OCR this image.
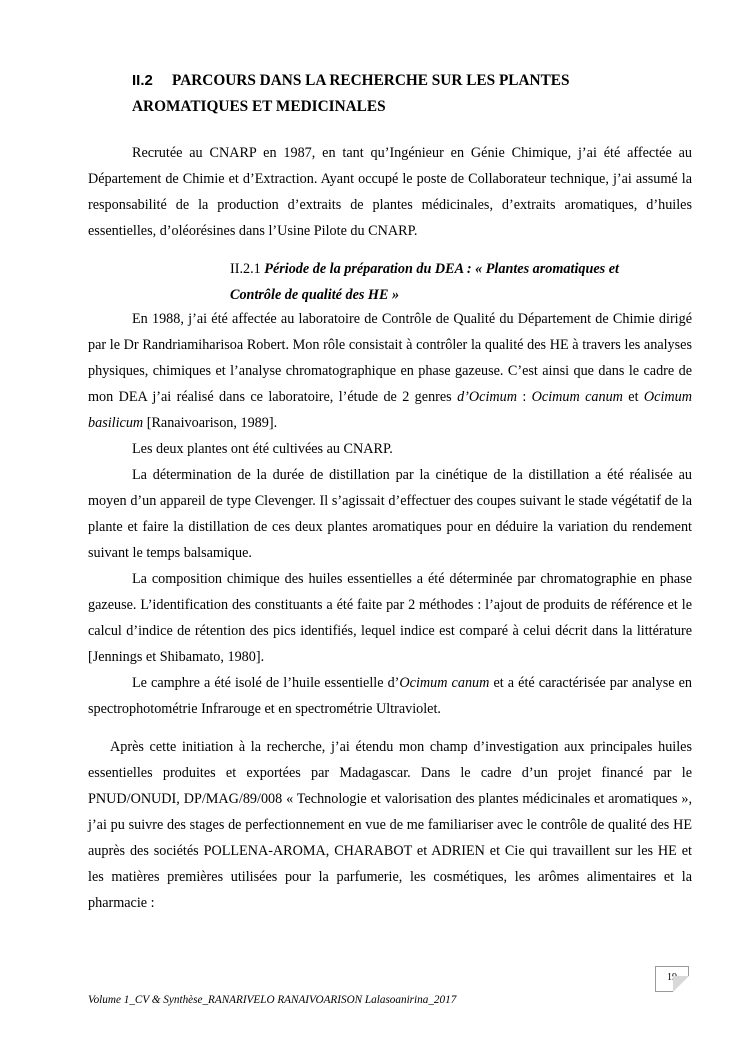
II.2 PARCOURS DANS LA RECHERCHE SUR LES PLANTES AROMATIQUES ET MEDICINALES

Recrutée au CNARP en 1987, en tant qu’Ingénieur en Génie Chimique, j’ai été affectée au Département de Chimie et d’Extraction. Ayant occupé le poste de Collaborateur technique, j’ai assumé la responsabilité de la production d’extraits de plantes médicinales, d’extraits aromatiques, d’huiles essentielles, d’oléorésines dans l’Usine Pilote du CNARP.

II.2.1 Période de la préparation du DEA : « Plantes aromatiques et Contrôle de qualité des HE »

En 1988, j’ai été affectée au laboratoire de Contrôle de Qualité du Département de Chimie dirigé par le Dr Randriamiharisoa Robert. Mon rôle consistait à contrôler la qualité des HE à travers les analyses physiques, chimiques et l’analyse chromatographique en phase gazeuse. C’est ainsi que dans le cadre de mon DEA j’ai réalisé dans ce laboratoire, l’étude de 2 genres d’Ocimum : Ocimum canum et Ocimum basilicum [Ranaivoarison, 1989].

Les deux plantes ont été cultivées au CNARP.

La détermination de la durée de distillation par la cinétique de la distillation a été réalisée au moyen d’un appareil de type Clevenger. Il s’agissait d’effectuer des coupes suivant le stade végétatif de la plante et faire la distillation de ces deux plantes aromatiques pour en déduire la variation du rendement suivant le temps balsamique.

La composition chimique des huiles essentielles a été déterminée par chromatographie en phase gazeuse. L’identification des constituants a été faite par 2 méthodes : l’ajout de produits de référence et le calcul d’indice de rétention des pics identifiés, lequel indice est comparé à celui décrit dans la littérature [Jennings et Shibamato, 1980].

Le camphre a été isolé de l’huile essentielle d’Ocimum canum et a été caractérisée par analyse en spectrophotométrie Infrarouge et en spectrométrie Ultraviolet.

Après cette initiation à la recherche, j’ai étendu mon champ d’investigation aux principales huiles essentielles produites et exportées par Madagascar. Dans le cadre d’un projet financé par le PNUD/ONUDI, DP/MAG/89/008 « Technologie et valorisation des plantes médicinales et aromatiques », j’ai pu suivre des stages de perfectionnement en vue de me familiariser avec le contrôle de qualité des HE auprès des sociétés POLLENA-AROMA, CHARABOT et ADRIEN et Cie qui travaillent sur les HE et les matières premières utilisées pour la parfumerie, les cosmétiques, les arômes alimentaires et la pharmacie :

19
Volume 1_CV & Synthèse_RANARIVELO RANAIVOARISON Lalasoanirina_2017
